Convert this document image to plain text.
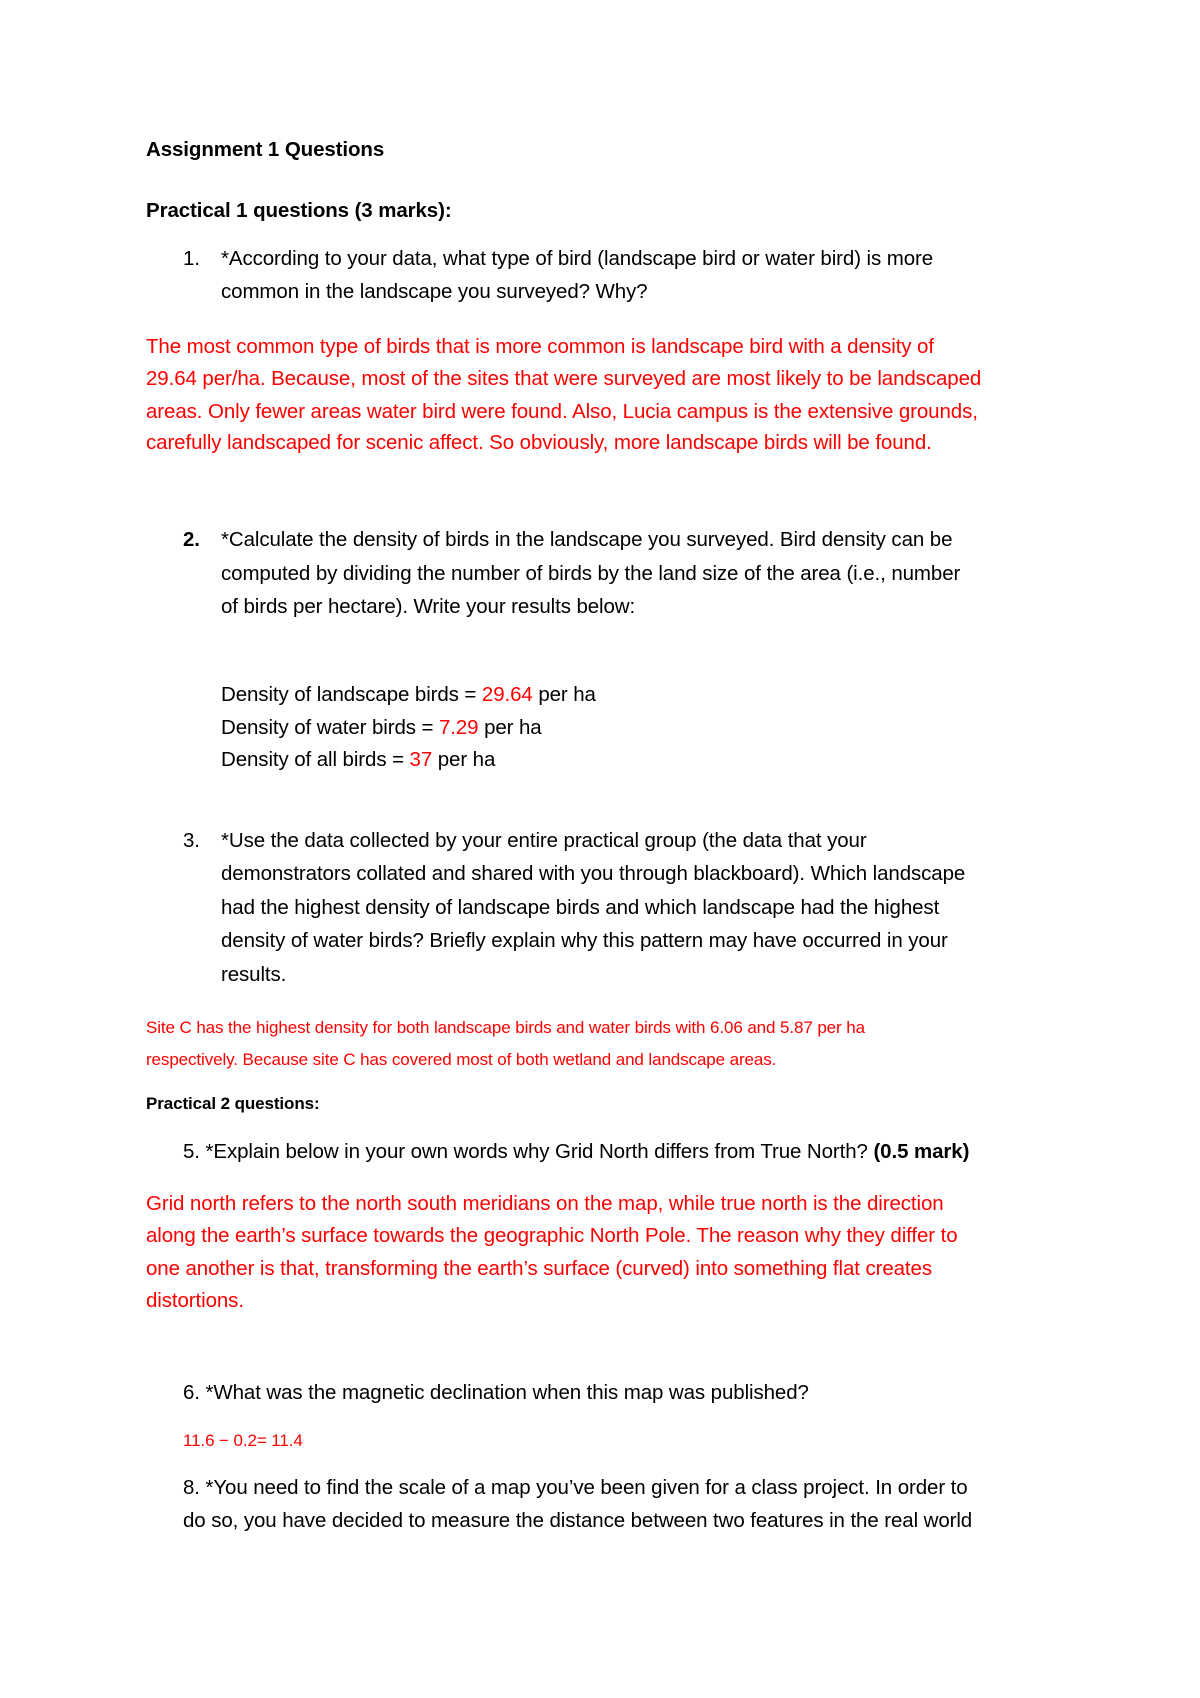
Assignment 1 Questions

Practical 1 questions (3 marks):

1. *According to your data, what type of bird (landscape bird or water bird) is more

common in the landscape you surveyed? Why?

The most common type of birds that is more common is landscape bird with a density of

29.64 per/ha. Because, most of the sites that were surveyed are most likely to be landscaped

areas. Only fewer areas water bird were found. Also, Lucia campus is the extensive grounds,

carefully landscaped for scenic affect. So obviously, more landscape birds will be found.

2. *Calculate the density of birds in the landscape you surveyed. Bird density can be

computed by dividing the number of birds by the land size of the area (i.e., number

of birds per hectare). Write your results below:

Density of landscape birds = 29.64 per ha

Density of water birds = 7.29 per ha

Density of all birds = 37 per ha

3. *Use the data collected by your entire practical group (the data that your

demonstrators collated and shared with you through blackboard). Which landscape

had the highest density of landscape birds and which landscape had the highest

density of water birds? Briefly explain why this pattern may have occurred in your

results.

Site C has the highest density for both landscape birds and water birds with 6.06 and 5.87 per ha

respectively. Because site C has covered most of both wetland and landscape areas.

Practical 2 questions:

5. *Explain below in your own words why Grid North differs from True North? (0.5 mark)

Grid north refers to the north south meridians on the map, while true north is the direction

along the earth’s surface towards the geographic North Pole. The reason why they differ to

one another is that, transforming the earth’s surface (curved) into something flat creates

distortions.

6. *What was the magnetic declination when this map was published?

11.6 − 0.2= 11.4

8. *You need to find the scale of a map you’ve been given for a class project. In order to

do so, you have decided to measure the distance between two features in the real world
